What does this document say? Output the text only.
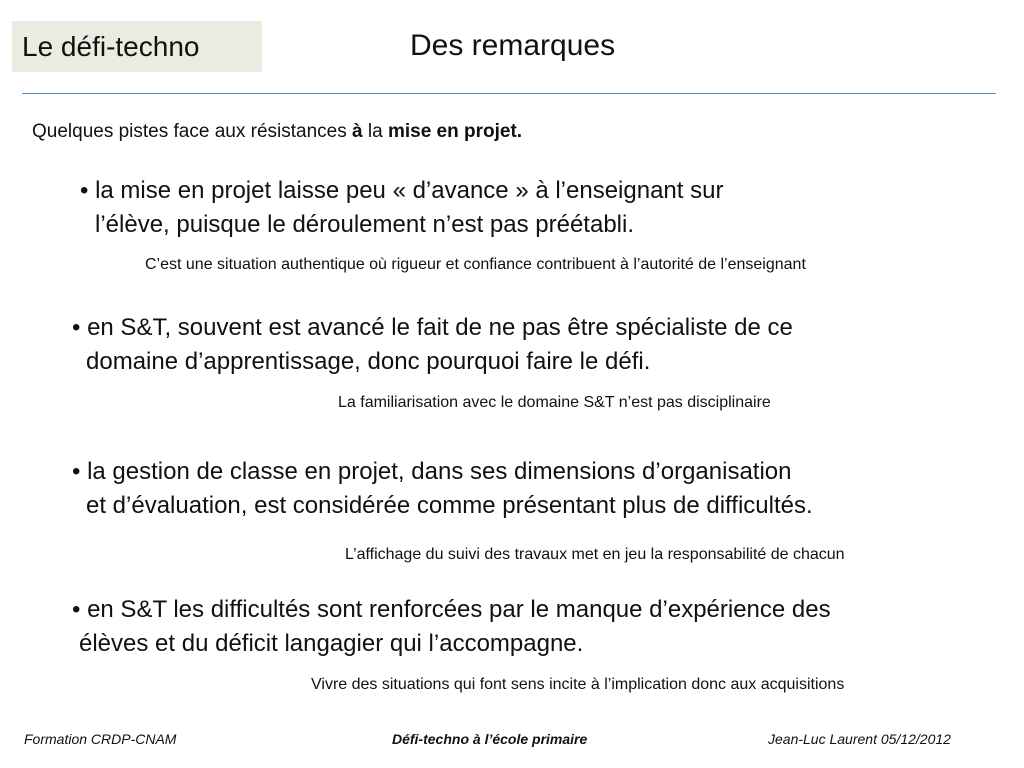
Le défi-techno	Des remarques
Quelques pistes face aux résistances à la mise en projet.
• la mise en projet laisse peu « d’avance » à l’enseignant sur
l’élève, puisque le déroulement n’est pas préétabli.
C’est une situation authentique où rigueur et confiance contribuent à l’autorité de l’enseignant
• en S&T, souvent est avancé le fait de ne pas être spécialiste de ce
domaine d’apprentissage, donc pourquoi faire le défi.
La familiarisation avec le domaine S&T n’est pas disciplinaire
• la gestion de classe en projet, dans ses dimensions d’organisation
et d’évaluation, est considérée comme présentant plus de difficultés.
L’affichage du suivi des travaux met en jeu la responsabilité de chacun
• en S&T les difficultés sont renforcées par le manque d’expérience des
élèves et du déficit langagier qui l’accompagne.
Vivre des situations qui font sens incite à l’implication donc aux acquisitions
Formation CRDP-CNAM	Défi-techno à l’école primaire	Jean-Luc Laurent 05/12/2012
